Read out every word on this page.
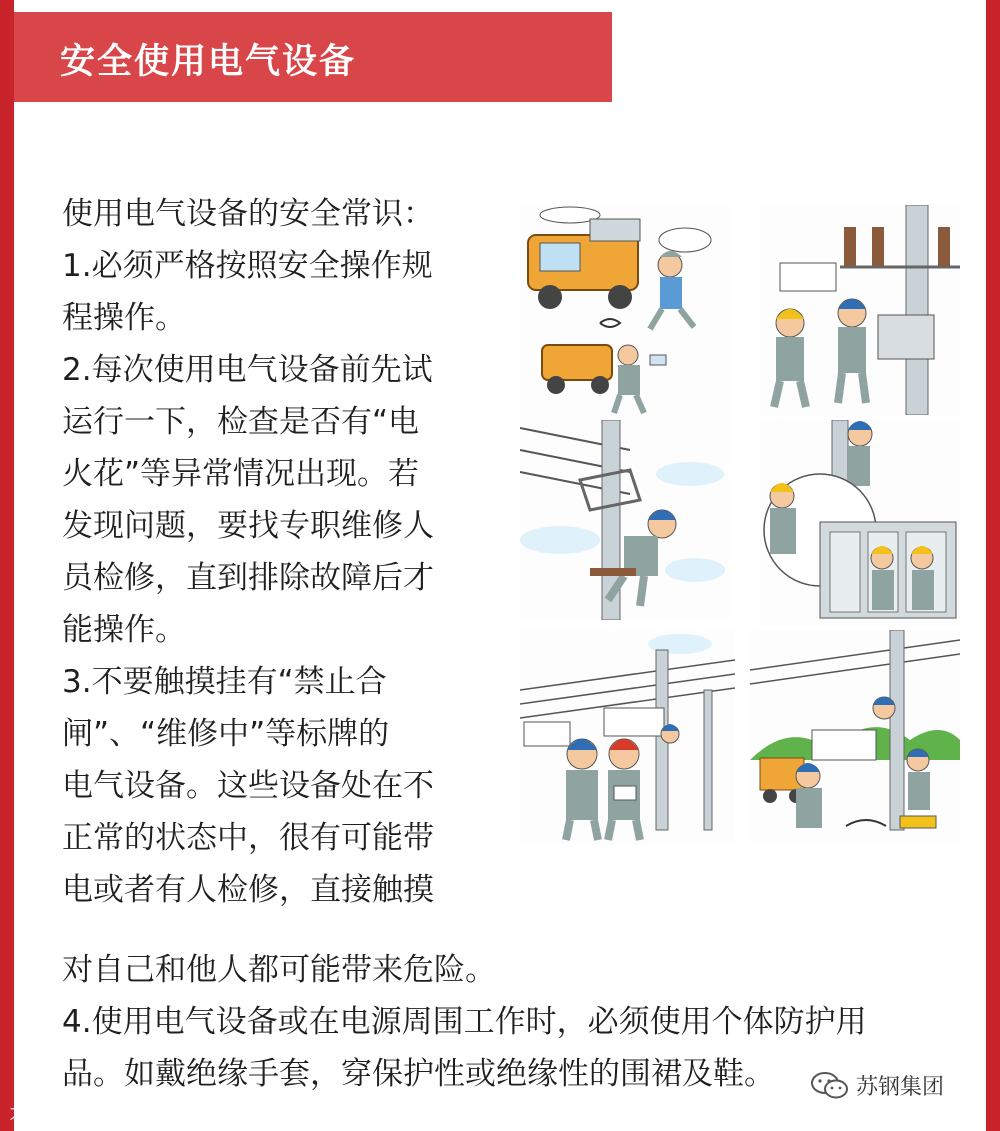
安全使用电气设备
使用电气设备的安全常识：
1.必须严格按照安全操作规
程操作。
2.每次使用电气设备前先试
运行一下，检查是否有“电
火花”等异常情况出现。若
发现问题，要找专职维修人
员检修，直到排除故障后才
能操作。
3.不要触摸挂有“禁止合
闸”、“维修中”等标牌的
电气设备。这些设备处在不
正常的状态中，很有可能带
电或者有人检修，直接触摸
对自己和他人都可能带来危险。
4.使用电气设备或在电源周围工作时，必须使用个体防护用
品。如戴绝缘手套，穿保护性或绝缘性的围裙及鞋。
大数跨境
苏钢集团
